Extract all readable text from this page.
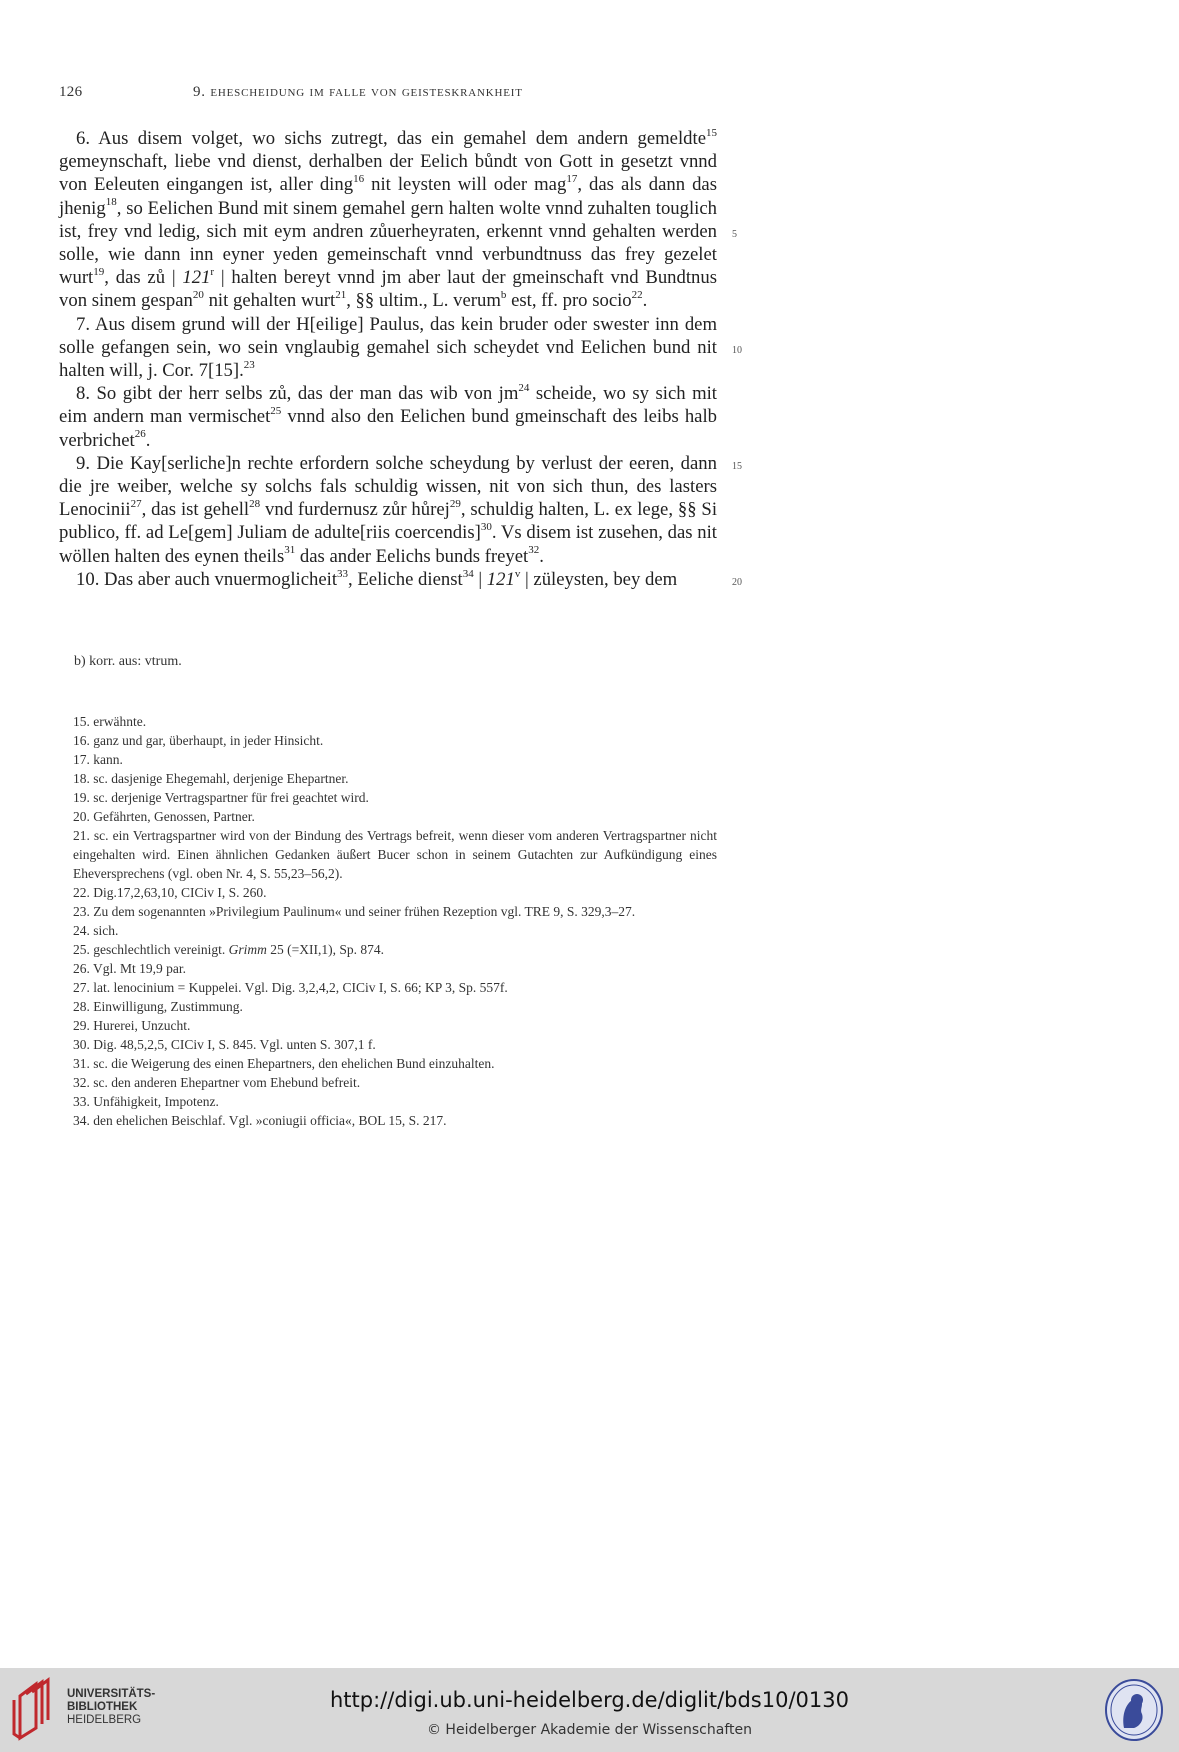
126	9. ehescheidung im falle von geisteskrankheit

6. Aus disem volget, wo sichs zutregt, das ein gemahel dem andern gemeldte$^{15}$ gemeynschaft, liebe vnd dienst, derhalben der Eelich bůndt von Gott in gesetzt vnnd von Eeleuten eingangen ist, aller ding$^{16}$ nit leysten will oder mag$^{17}$, das als dann das jhenig$^{18}$, so Eelichen Bund mit sinem gemahel gern halten wolte vnnd zuhalten touglich ist, frey vnd ledig, sich mit eym andren zůuerheyraten, erkennt vnnd gehalten werden solle, wie dann inn eyner yeden gemeinschaft vnnd verbundtnuss das frey gezelet wurt$^{19}$, das zů | 121$^r$ | halten bereyt vnnd jm aber laut der gmeinschaft vnd Bundtnus von sinem gespan$^{20}$ nit gehalten wurt$^{21}$, §§ ultim., L. verum$^b$ est, ff. pro socio$^{22}$.

7. Aus disem grund will der H[eilige] Paulus, das kein bruder oder swester inn dem solle gefangen sein, wo sein vnglaubig gemahel sich scheydet vnd Eelichen bund nit halten will, j. Cor. 7[15].$^{23}$

8. So gibt der herr selbs zů, das der man das wib von $jm^{24}$ scheide, wo sy sich mit eim andern man vermischet$^{25}$ vnnd also den Eelichen bund gmeinschaft des leibs halb verbrichet$^{26}$.

9. Die Kay[serliche]n rechte erfordern solche scheydung by verlust der eeren, dann die jre weiber, welche sy solchs fals schuldig wissen, nit von sich thun, des lasters Lenocinii$^{27}$, das ist gehell$^{28}$ vnd furdernusz zůr hůrej$^{29}$, schuldig halten, L. ex lege, §§ Si publico, ff. ad Le[gem] Juliam de adulte[riis coercendis]$^{30}$. Vs disem ist zusehen, das nit wöllen halten des eynen theils$^{31}$ das ander Eelichs bunds freyet$^{32}$.

10. Das aber auch vnuermoglicheit$^{33}$, Eeliche dienst$^{34}$ | 121$^v$ | züleysten, bey dem

5
10
15
20
b) korr. aus: vtrum.

15. erwähnte.

16. ganz und gar, überhaupt, in jeder Hinsicht.

17. kann.

18. sc. dasjenige Ehegemahl, derjenige Ehepartner.

19. sc. derjenige Vertragspartner für frei geachtet wird.

20. Gefährten, Genossen, Partner.

21. sc. ein Vertragspartner wird von der Bindung des Vertrags befreit, wenn dieser vom anderen Vertragspartner nicht eingehalten wird. Einen ähnlichen Gedanken äußert Bucer schon in seinem Gutachten zur Aufkündigung eines Eheversprechens (vgl. oben Nr. 4, S. 55,23–56,2).

22. Dig.17,2,63,10, CICiv I, S. 260.

23. Zu dem sogenannten »Privilegium Paulinum« und seiner frühen Rezeption vgl. TRE 9, S. 329,3–27.

24. sich.

25. geschlechtlich vereinigt. Grimm 25 (=XII,1), Sp. 874.

26. Vgl. Mt 19,9 par.

27. lat. lenocinium = Kuppelei. Vgl. Dig. 3,2,4,2, CICiv I, S. 66; KP 3, Sp. 557f.

28. Einwilligung, Zustimmung.

29. Hurerei, Unzucht.

30. Dig. 48,5,2,5, CICiv I, S. 845. Vgl. unten S. 307,1 f.

31. sc. die Weigerung des einen Ehepartners, den ehelichen Bund einzuhalten.

32. sc. den anderen Ehepartner vom Ehebund befreit.

33. Unfähigkeit, Impotenz.

34. den ehelichen Beischlaf. Vgl. »coniugii officia«, BOL 15, S. 217.

UNIVERSITÄTS-
BIBLIOTHEK
HEIDELBERG
http://digi.ub.uni-heidelberg.de/diglit/bds10/0130
© Heidelberger Akademie der Wissenschaften
